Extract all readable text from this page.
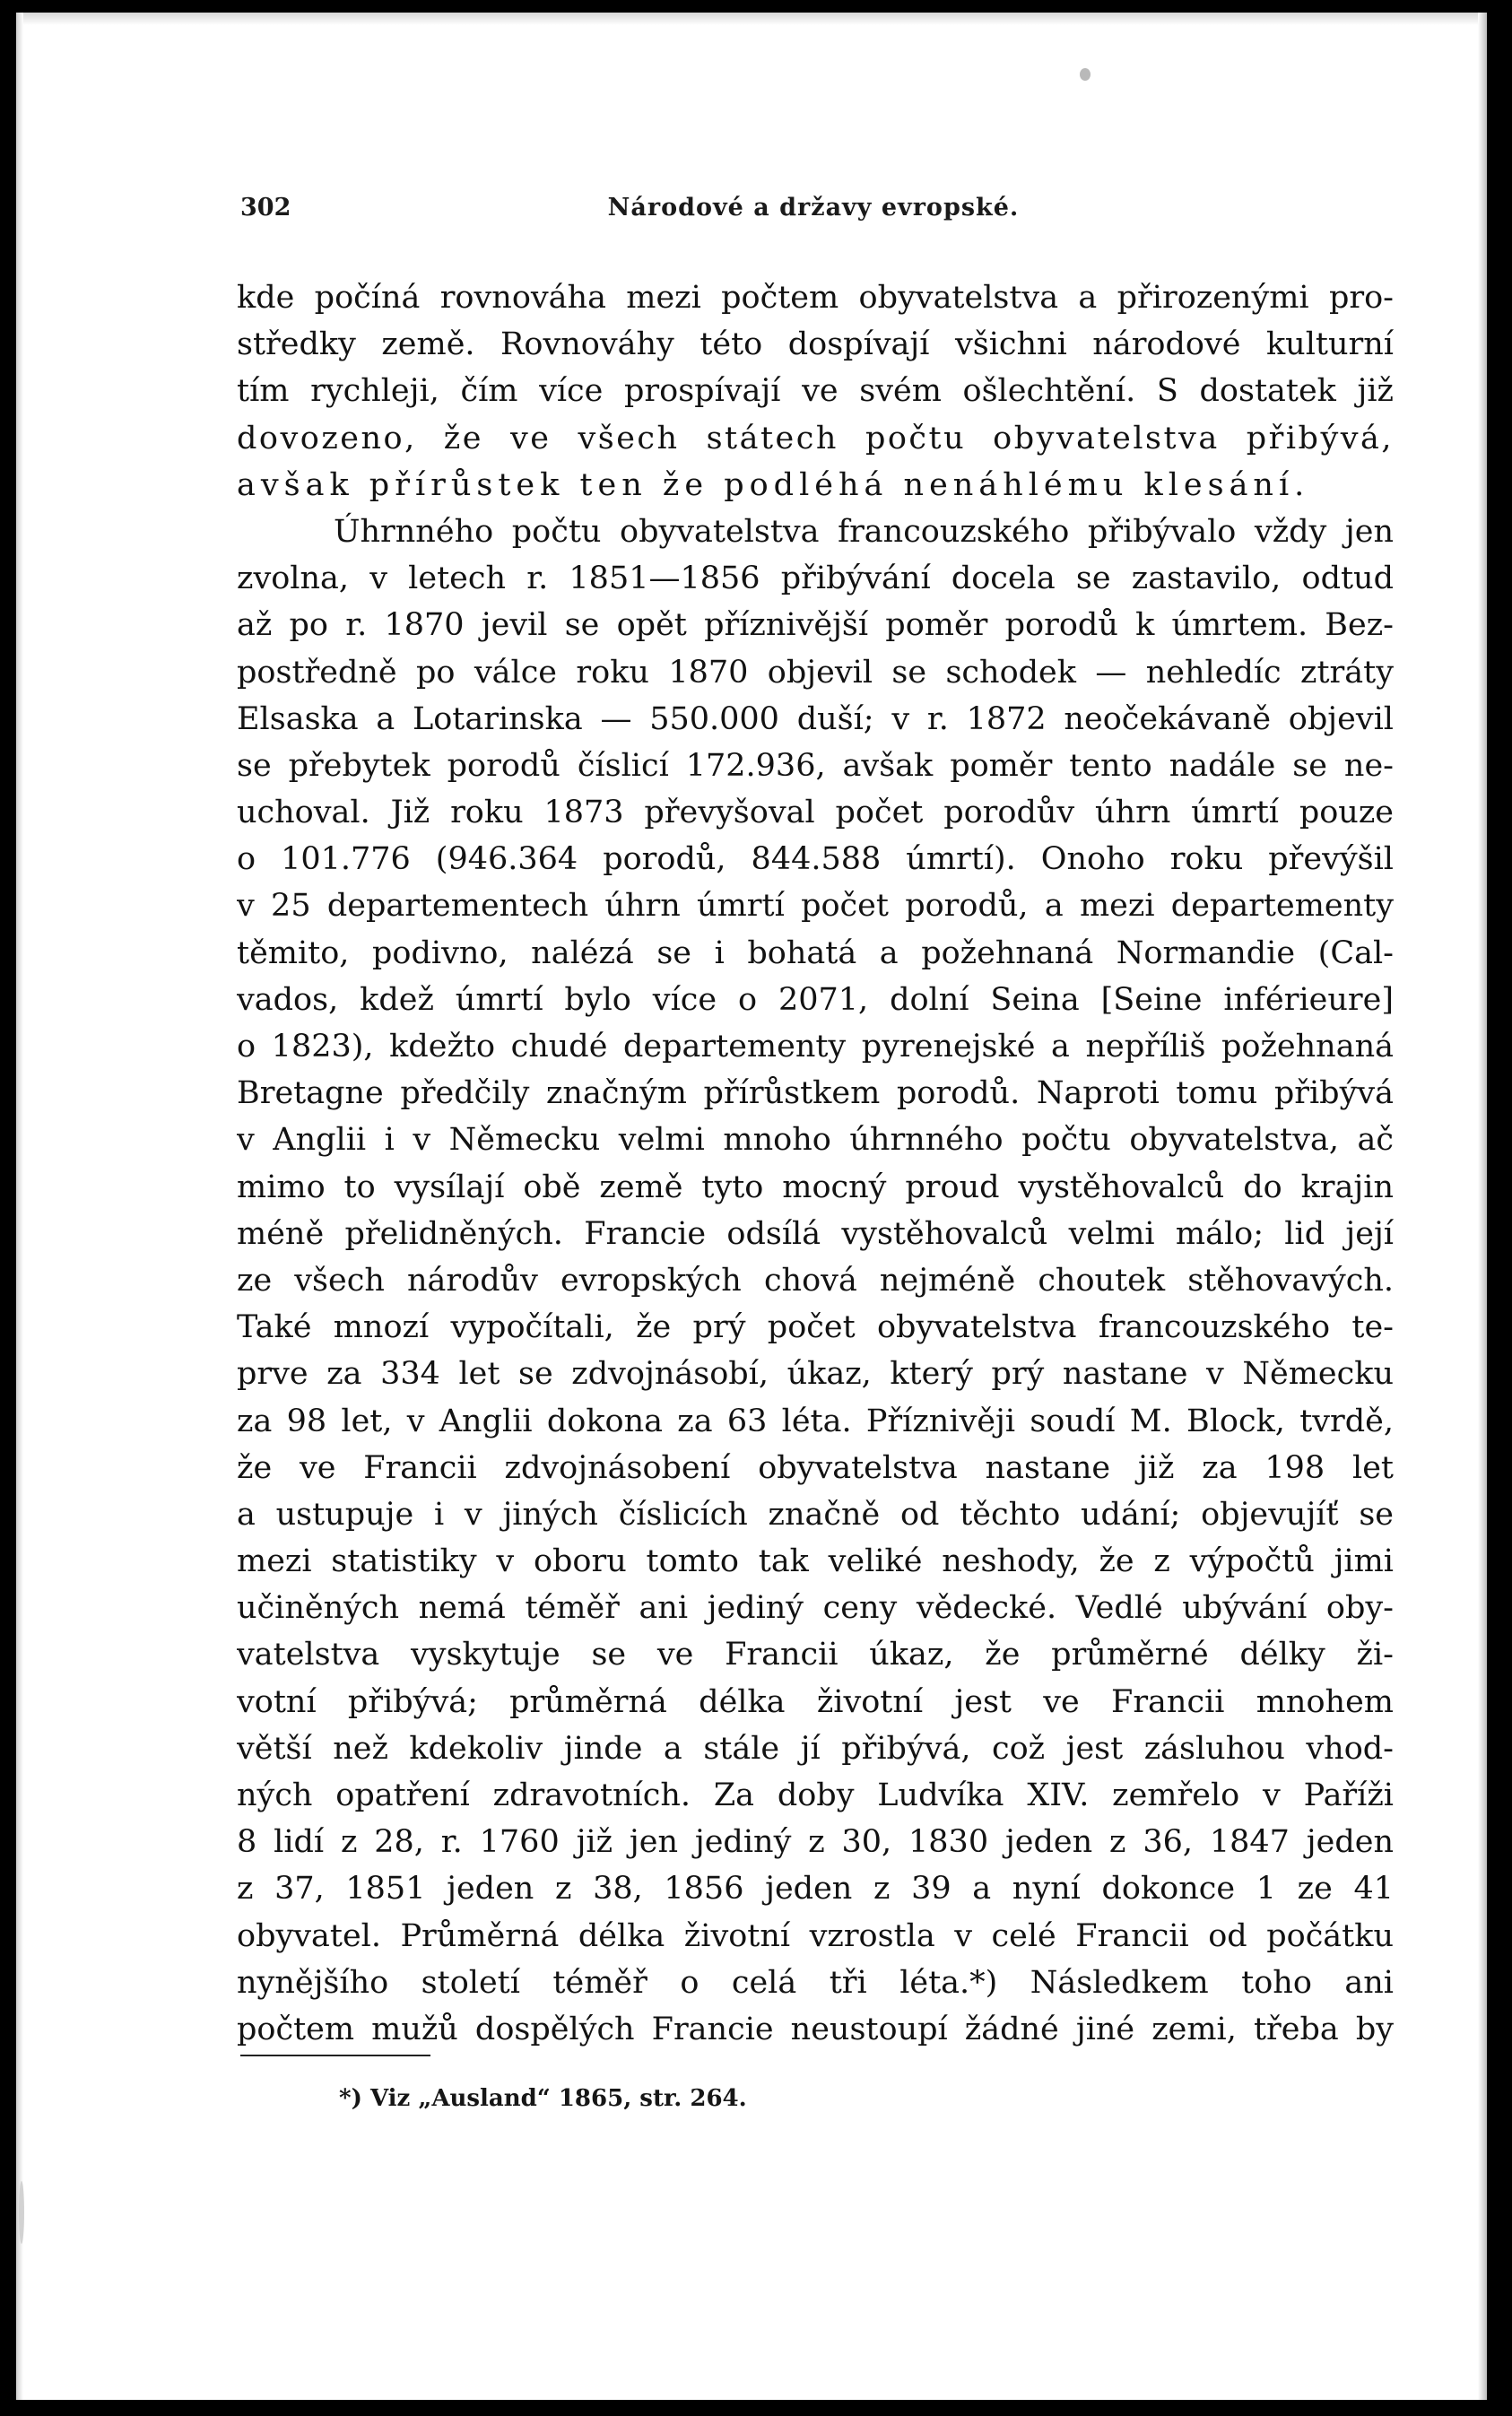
302	Národové a državy evropské.
kde počíná rovnováha mezi počtem obyvatelstva a přirozenými pro-
středky země. Rovnováhy této dospívají všichni národové kulturní
tím rychleji, čím více prospívají ve svém ošlechtění. S dostatek již
dovozeno, že ve všech státech počtu obyvatelstva přibývá,
avšak přírůstek ten že podléhá nenáhlému klesání.
Úhrnného počtu obyvatelstva francouzského přibývalo vždy jen
zvolna, v letech r. 1851—1856 přibývání docela se zastavilo, odtud
až po r. 1870 jevil se opět příznivější poměr porodů k úmrtem. Bez-
postředně po válce roku 1870 objevil se schodek — nehledíc ztráty
Elsaska a Lotarinska — 550.000 duší; v r. 1872 neočekávaně objevil
se přebytek porodů číslicí 172.936, avšak poměr tento nadále se ne-
uchoval. Již roku 1873 převyšoval počet porodův úhrn úmrtí pouze
o 101.776 (946.364 porodů, 844.588 úmrtí). Onoho roku převýšil
v 25 departementech úhrn úmrtí počet porodů, a mezi departementy
těmito, podivno, nalézá se i bohatá a požehnaná Normandie (Cal-
vados, kdež úmrtí bylo více o 2071, dolní Seina [Seine inférieure]
o 1823), kdežto chudé departementy pyrenejské a nepříliš požehnaná
Bretagne předčily značným přírůstkem porodů. Naproti tomu přibývá
v Anglii i v Německu velmi mnoho úhrnného počtu obyvatelstva, ač
mimo to vysílají obě země tyto mocný proud vystěhovalců do krajin
méně přelidněných. Francie odsílá vystěhovalců velmi málo; lid její
ze všech národův evropských chová nejméně choutek stěhovavých.
Také mnozí vypočítali, že prý počet obyvatelstva francouzského te-
prve za 334 let se zdvojnásobí, úkaz, který prý nastane v Německu
za 98 let, v Anglii dokona za 63 léta. Příznivěji soudí M. Block, tvrdě,
že ve Francii zdvojnásobení obyvatelstva nastane již za 198 let
a ustupuje i v jiných číslicích značně od těchto udání; objevujíť se
mezi statistiky v oboru tomto tak veliké neshody, že z výpočtů jimi
učiněných nemá téměř ani jediný ceny vědecké. Vedlé ubývání oby-
vatelstva vyskytuje se ve Francii úkaz, že průměrné délky ži-
votní přibývá; průměrná délka životní jest ve Francii mnohem
větší než kdekoliv jinde a stále jí přibývá, což jest zásluhou vhod-
ných opatření zdravotních. Za doby Ludvíka XIV. zemřelo v Paříži
8 lidí z 28, r. 1760 již jen jediný z 30, 1830 jeden z 36, 1847 jeden
z 37, 1851 jeden z 38, 1856 jeden z 39 a nyní dokonce 1 ze 41
obyvatel. Průměrná délka životní vzrostla v celé Francii od počátku
nynějšího století téměř o celá tři léta.*) Následkem toho ani
počtem mužů dospělých Francie neustoupí žádné jiné zemi, třeba by
*) Viz „Ausland“ 1865, str. 264.
